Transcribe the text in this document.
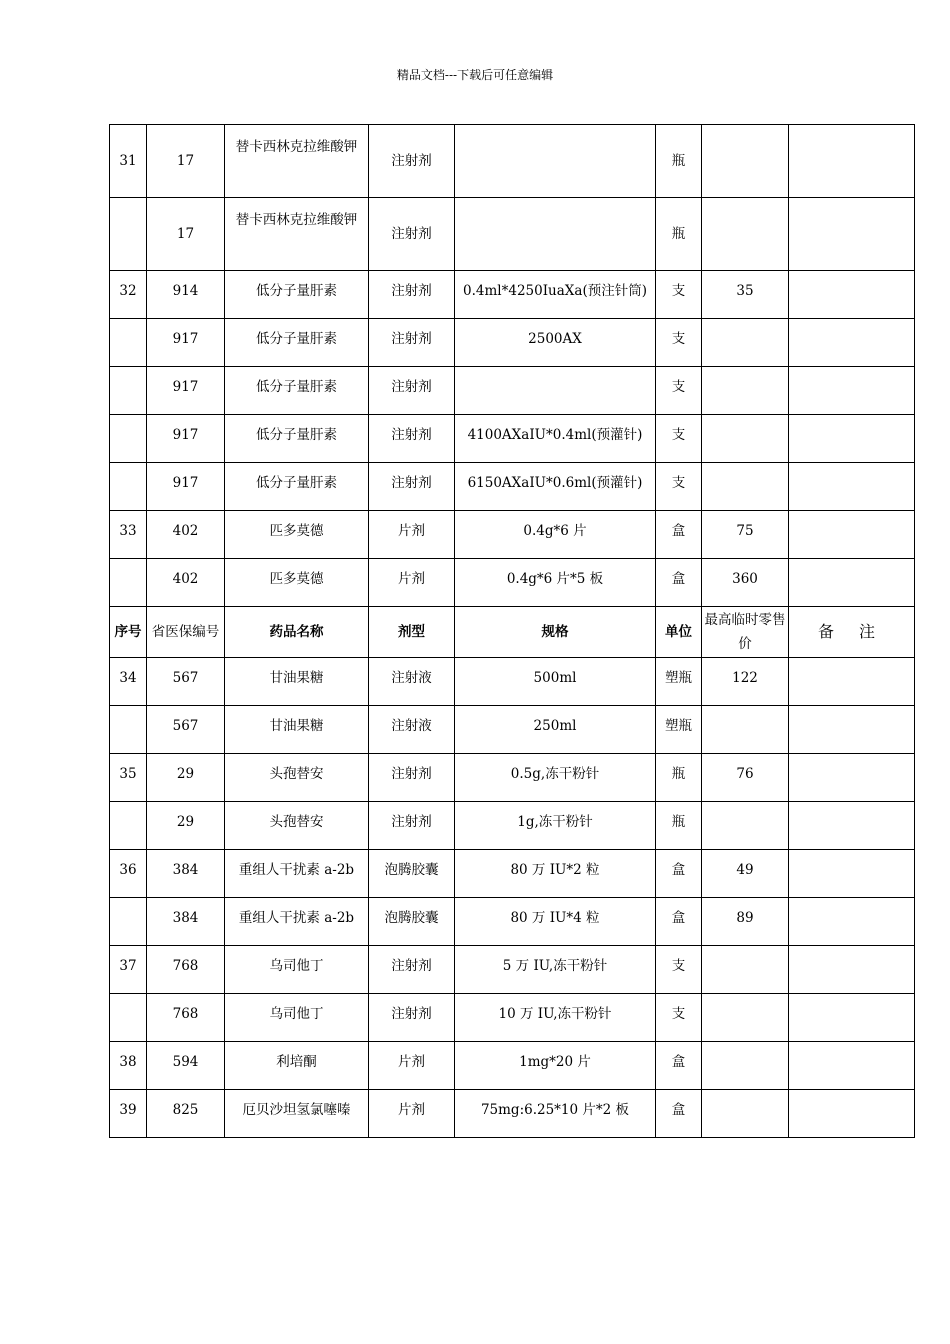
精品文档---下载后可任意编辑
31	17	替卡西林克拉维酸钾	注射剂		瓶		
	17	替卡西林克拉维酸钾	注射剂		瓶		
32	914	低分子量肝素	注射剂	0.4ml*4250IuaXa(预注针筒)	支	35	
	917	低分子量肝素	注射剂	2500AX	支		
	917	低分子量肝素	注射剂		支		
	917	低分子量肝素	注射剂	4100AXaIU*0.4ml(预灌针)	支		
	917	低分子量肝素	注射剂	6150AXaIU*0.6ml(预灌针)	支		
33	402	匹多莫德	片剂	0.4g*6 片	盒	75	
	402	匹多莫德	片剂	0.4g*6 片*5 板	盒	360	
序号	省医保编号	药品名称	剂型	规格	单位	最高临时零售价	备 注
34	567	甘油果糖	注射液	500ml	塑瓶	122	
	567	甘油果糖	注射液	250ml	塑瓶		
35	29	头孢替安	注射剂	0.5g,冻干粉针	瓶	76	
	29	头孢替安	注射剂	1g,冻干粉针	瓶		
36	384	重组人干扰素 a-2b	泡腾胶囊	80 万 IU*2 粒	盒	49	
	384	重组人干扰素 a-2b	泡腾胶囊	80 万 IU*4 粒	盒	89	
37	768	乌司他丁	注射剂	5 万 IU,冻干粉针	支		
	768	乌司他丁	注射剂	10 万 IU,冻干粉针	支		
38	594	利培酮	片剂	1mg*20 片	盒		
39	825	厄贝沙坦氢氯噻嗪	片剂	75mg:6.25*10 片*2 板	盒		
